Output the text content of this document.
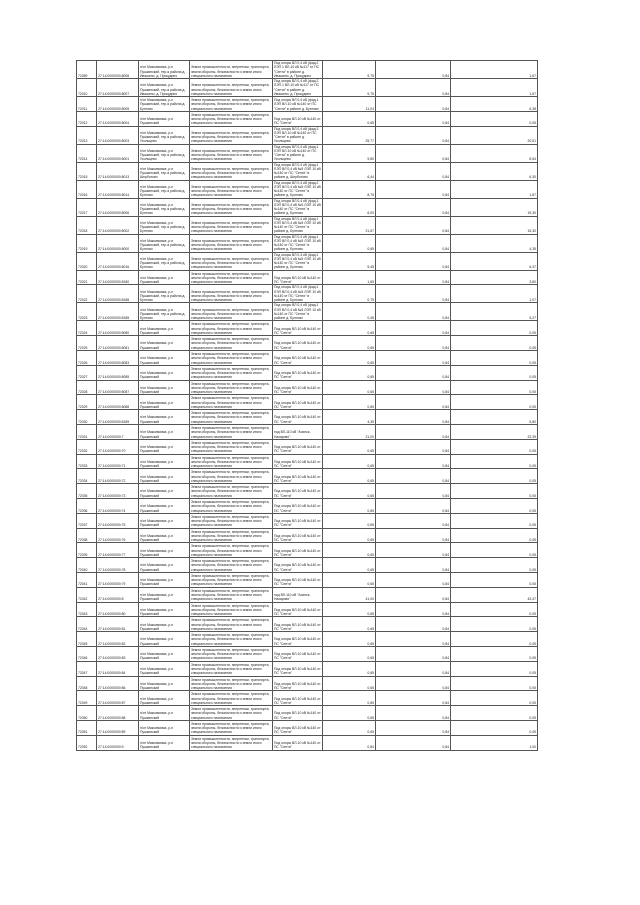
72089	27:14:0000000:8008	н/от Максимовка, р-н Пушкинский, тер-я района д. Ивашино, д. Прокудино	Земли промышленности, энергетики, транспорта, земли обороны, безопасности и земли иного специального назначения	Под опоры ВЛ 0,4 кВ (фид.2 ЛЭП 1 ВЛ-10 кВ №117 от ПС "Сенти" в районе д. Ивашино, д. Прокудино	9,75	0,84	1,67
72010	27:14:0000000:8007	н/от Максимовка, р-н Пушкинский, тер-я района д. Ивашино, д. Прокудино	Земли промышленности, энергетики, транспорта, земли обороны, безопасности и земли иного специального назначения	Под опоры ВЛ 0,4 кВ (фид.2 ЛЭП 1 ВЛ-10 кВ №117 от ПС "Сенти" в районе д. Ивашино, д. Прокудино	9,75	0,84	1,67
72011	27:14:0000000:8005	н/от Максимовка, р-н Пушкинский, тер-я района д. Бунтово	Земли промышленности, энергетики, транспорта, земли обороны, безопасности и земли иного специального назначения	Под опоры ВЛ 0,4 кВ (фид.1 ЛЭП ВЛ-10 кВ №140 от ПС "Сенти" в районе д. Бунтово	11,04	0,84	6,38
72012	27:14:0000000:8004	н/от Максимовка, р-н Пушкинский	Земли промышленности, энергетики, транспорта, земли обороны, безопасности и земли иного специального назначения	Под опоры ВЛ-10 кВ №140 от ПС "Сенти"	0,65	0,84	0,05
72013	27:14:0000000:8003	н/от Максимовка, р-н Пушкинский, тер-я района д. Усольцево	Земли промышленности, энергетики, транспорта, земли обороны, безопасности и земли иного специального назначения	Под опоры ВЛ 0,4 кВ (фид.3 ЛЭП ВЛ-10 кВ №140 от ПС "Сенти" в районе д. Усольцево	25,77	0,84	20,51
72014	27:14:0000000:8001	н/от Максимовка, р-н Пушкинский, тер-я района д. Усольцево	Земли промышленности, энергетики, транспорта, земли обороны, безопасности и земли иного специального назначения	Под опоры ВЛ 0,4 кВ (фид.1 ЛЭП ВЛ-10 кВ №140 от ПС "Сенти" в районе д. Усольцево	9,80	0,84	8,54
72015	27:14:0000000:8013	н/от Максимовка, р-н Пушкинский, тер-я района д. Шерботово	Земли промышленности, энергетики, транспорта, земли обороны, безопасности и земли иного специального назначения	Под опоры ВЛ 0,4 кВ (фид.1 ЛЭП ВЛ 0,4 кВ №5 ЛЭП 10 кВ №140 от ПС "Сенти" в районе д. Шерботово	6,44	0,84	6,30
72016	27:14:0000000:8014	н/от Максимовка, р-н Пушкинский, тер-я района д. Бунтово	Земли промышленности, энергетики, транспорта, земли обороны, безопасности и земли иного специального назначения	Под опоры ВЛ 0,4 кВ (фид.2 ЛЭП ВЛ 0,4 кВ №5 ЛЭП 10 кВ №140 от ПС "Сенти" в районе д. Бунтово	8,75	0,84	1,87
72017	27:14:0000000:8006	н/от Максимовка, р-н Пушкинский, тер-я района д. Бунтово	Земли промышленности, энергетики, транспорта, земли обороны, безопасности и земли иного специального назначения	Под опоры ВЛ 0,4 кВ (фид.1 ЛЭП ВЛ 0,4 кВ №5 ЛЭП 10 кВ №140 от ПС "Сенти" в районе д. Бунтово	6,00	0,84	19,30
72018	27:14:0000000:8002	н/от Максимовка, р-н Пушкинский, тер-я района д. Бунтово	Земли промышленности, энергетики, транспорта, земли обороны, безопасности и земли иного специального назначения	Под опоры ВЛ 0,4 кВ (фид.1 ЛЭП ВЛ 0,4 кВ №5 ЛЭП 10 кВ №140 от ПС "Сенти" в районе д. Бунтово	21,67	0,84	15,30
72019	27:14:0000000:8000	н/от Максимовка, р-н Пушкинский, тер-я района д. Бунтово	Земли промышленности, энергетики, транспорта, земли обороны, безопасности и земли иного специального назначения	Под опоры ВЛ 0,4 кВ (фид.1 ЛЭП ВЛ 0,4 кВ №5 ЛЭП 10 кВ №140 от ПС "Сенти" в районе д. Бунтово	0,65	0,84	4,35
72020	27:14:0000000:8016	н/от Максимовка, р-н Пушкинский, тер-я района д. Бунтово	Земли промышленности, энергетики, транспорта, земли обороны, безопасности и земли иного специального назначения	Под опоры ВЛ 0,4 кВ (фид.1 ЛЭП ВЛ 0,4 кВ №5 ЛЭП 10 кВ №140 от ПС "Сенти" в районе д. Бунтово	5,45	0,84	6,37
72021	27:14:0000000:8180	н/от Максимовка, р-н Пушкинский	Земли промышленности, энергетики, транспорта, земли обороны, безопасности и земли иного специального назначения	Под опоры ВЛ-10 кВ №140 от ПС "Сенти"	1,65	0,84	3,80
72022	27:14:0000000:8188	н/от Максимовка, р-н Пушкинский, тер-я района д. Бунтово	Земли промышленности, энергетики, транспорта, земли обороны, безопасности и земли иного специального назначения	Под опоры ВЛ 0,4 кВ (фид.1 ЛЭП ВЛ 0,4 кВ №5 ЛЭП 10 кВ №140 от ПС "Сенти" в районе д. Бунтово	0,75	0,84	1,07
72023	27:14:0000000:8185	н/от Максимовка, р-н Пушкинский, тер-я района д. Бунтово	Земли промышленности, энергетики, транспорта, земли обороны, безопасности и земли иного специального назначения	Под опоры ВЛ 0,4 кВ (фид.1 ЛЭП ВЛ 0,4 кВ №5 ЛЭП 10 кВ №140 от ПС "Сенти" в районе д. Бунтово	0,45	0,84	5,27
72024	27:14:0000000:8080	н/от Максимовка, р-н Пушкинский	Земли промышленности, энергетики, транспорта, земли обороны, безопасности и земли иного специального назначения	Под опоры ВЛ-10 кВ №140 от ПС "Сенти"	0,65	0,84	0,05
72025	27:14:0000000:8081	н/от Максимовка, р-н Пушкинский	Земли промышленности, энергетики, транспорта, земли обороны, безопасности и земли иного специального назначения	Под опоры ВЛ-10 кВ №140 от ПС "Сенти"	0,65	0,84	0,05
72026	27:14:0000000:8083	н/от Максимовка, р-н Пушкинский	Земли промышленности, энергетики, транспорта, земли обороны, безопасности и земли иного специального назначения	Под опоры ВЛ-10 кВ №140 от ПС "Сенти"	0,65	0,84	0,05
72027	27:14:0000000:8085	н/от Максимовка, р-н Пушкинский	Земли промышленности, энергетики, транспорта, земли обороны, безопасности и земли иного специального назначения	Под опоры ВЛ-10 кВ №140 от ПС "Сенти"	0,65	0,84	0,05
72028	27:14:0000000:8087	н/от Максимовка, р-н Пушкинский	Земли промышленности, энергетики, транспорта, земли обороны, безопасности и земли иного специального назначения	Под опоры ВЛ-10 кВ №140 от ПС "Сенти"	0,65	0,84	0,05
72029	27:14:0000000:8088	н/от Максимовка, р-н Пушкинский	Земли промышленности, энергетики, транспорта, земли обороны, безопасности и земли иного специального назначения	Под опоры ВЛ-10 кВ №140 от ПС "Сенти"	0,65	0,84	0,05
72030	27:14:0000000:8189	н/от Максимовка, р-н Пушкинский	Земли промышленности, энергетики, транспорта, земли обороны, безопасности и земли иного специального назначения	Под опоры ВЛ-10 кВ №140 от ПС "Сенти"	4,35	0,84	5,80
72031	27:14:0000000:7	н/от Максимовка, р-н Пушкинский	Земли промышленности, энергетики, транспорта, земли обороны, безопасности и земли иного специального назначения	под ВЛ-110 кВ "Ачинск-Назарово"	21,00	0,84	22,39
72032	27:14:0000000:70	н/от Максимовка, р-н Пушкинский	Земли промышленности, энергетики, транспорта, земли обороны, безопасности и земли иного специального назначения	Под опоры ВЛ-10 кВ №140 от ПС "Сенти"	0,65	0,84	0,05
72033	27:14:0000000:71	н/от Максимовка, р-н Пушкинский	Земли промышленности, энергетики, транспорта, земли обороны, безопасности и земли иного специального назначения	Под опоры ВЛ-10 кВ №140 от ПС "Сенти"	0,65	0,84	0,05
72034	27:14:0000000:72	н/от Максимовка, р-н Пушкинский	Земли промышленности, энергетики, транспорта, земли обороны, безопасности и земли иного специального назначения	Под опоры ВЛ-10 кВ №140 от ПС "Сенти"	0,65	0,84	0,05
72035	27:14:0000000:73	н/от Максимовка, р-н Пушкинский	Земли промышленности, энергетики, транспорта, земли обороны, безопасности и земли иного специального назначения	Под опоры ВЛ-10 кВ №140 от ПС "Сенти"	0,65	0,84	0,05
72036	27:14:0000000:74	н/от Максимовка, р-н Пушкинский	Земли промышленности, энергетики, транспорта, земли обороны, безопасности и земли иного специального назначения	Под опоры ВЛ-10 кВ №140 от ПС "Сенти"	0,65	0,84	0,05
72037	27:14:0000000:75	н/от Максимовка, р-н Пушкинский	Земли промышленности, энергетики, транспорта, земли обороны, безопасности и земли иного специального назначения	Под опоры ВЛ-10 кВ №140 от ПС "Сенти"	0,65	0,84	0,05
72038	27:14:0000000:76	н/от Максимовка, р-н Пушкинский	Земли промышленности, энергетики, транспорта, земли обороны, безопасности и земли иного специального назначения	Под опоры ВЛ-10 кВ №140 от ПС "Сенти"	0,65	0,84	0,05
72039	27:14:0000000:77	н/от Максимовка, р-н Пушкинский	Земли промышленности, энергетики, транспорта, земли обороны, безопасности и земли иного специального назначения	Под опоры ВЛ-10 кВ №140 от ПС "Сенти"	0,65	0,84	0,05
72040	27:14:0000000:78	н/от Максимовка, р-н Пушкинский	Земли промышленности, энергетики, транспорта, земли обороны, безопасности и земли иного специального назначения	Под опоры ВЛ-10 кВ №140 от ПС "Сенти"	0,65	0,84	0,05
72041	27:14:0000000:79	н/от Максимовка, р-н Пушкинский	Земли промышленности, энергетики, транспорта, земли обороны, безопасности и земли иного специального назначения	Под опоры ВЛ-10 кВ №140 от ПС "Сенти"	0,65	0,84	0,05
72042	27:14:0000000:8	н/от Максимовка, р-н Пушкинский	Земли промышленности, энергетики, транспорта, земли обороны, безопасности и земли иного специального назначения	под ВЛ-110 кВ "Ачинск-Назарово"	41,00	0,84	43,47
72043	27:14:0000000:80	н/от Максимовка, р-н Пушкинский	Земли промышленности, энергетики, транспорта, земли обороны, безопасности и земли иного специального назначения	Под опоры ВЛ-10 кВ №140 от ПС "Сенти"	0,65	0,84	0,05
72044	27:14:0000000:81	н/от Максимовка, р-н Пушкинский	Земли промышленности, энергетики, транспорта, земли обороны, безопасности и земли иного специального назначения	Под опоры ВЛ-10 кВ №140 от ПС "Сенти"	0,65	0,84	0,05
72045	27:14:0000000:82	н/от Максимовка, р-н Пушкинский	Земли промышленности, энергетики, транспорта, земли обороны, безопасности и земли иного специального назначения	Под опоры ВЛ-10 кВ №140 от ПС "Сенти"	0,65	0,84	0,05
72046	27:14:0000000:83	н/от Максимовка, р-н Пушкинский	Земли промышленности, энергетики, транспорта, земли обороны, безопасности и земли иного специального назначения	Под опоры ВЛ-10 кВ №140 от ПС "Сенти"	0,65	0,84	0,05
72047	27:14:0000000:84	н/от Максимовка, р-н Пушкинский	Земли промышленности, энергетики, транспорта, земли обороны, безопасности и земли иного специального назначения	Под опоры ВЛ-10 кВ №140 от ПС "Сенти"	0,65	0,84	0,05
72048	27:14:0000000:86	н/от Максимовка, р-н Пушкинский	Земли промышленности, энергетики, транспорта, земли обороны, безопасности и земли иного специального назначения	Под опоры ВЛ-10 кВ №140 от ПС "Сенти"	0,65	0,84	0,05
72049	27:14:0000000:87	н/от Максимовка, р-н Пушкинский	Земли промышленности, энергетики, транспорта, земли обороны, безопасности и земли иного специального назначения	Под опоры ВЛ-10 кВ №140 от ПС "Сенти"	0,65	0,84	0,05
72050	27:14:0000000:88	н/от Максимовка, р-н Пушкинский	Земли промышленности, энергетики, транспорта, земли обороны, безопасности и земли иного специального назначения	Под опоры ВЛ-10 кВ №140 от ПС "Сенти"	0,65	0,84	0,05
72051	27:14:0000000:89	н/от Максимовка, р-н Пушкинский	Земли промышленности, энергетики, транспорта, земли обороны, безопасности и земли иного специального назначения	Под опоры ВЛ-10 кВ №140 от ПС "Сенти"	0,65	0,84	0,05
72052	27:14:0000000:9	н/от Максимовка, р-н Пушкинский	Земли промышленности, энергетики, транспорта, земли обороны, безопасности и земли иного специального назначения	Под опоры ВЛ-10 кВ №140 от ПС "Сенти"	0,84	0,84	1,00
